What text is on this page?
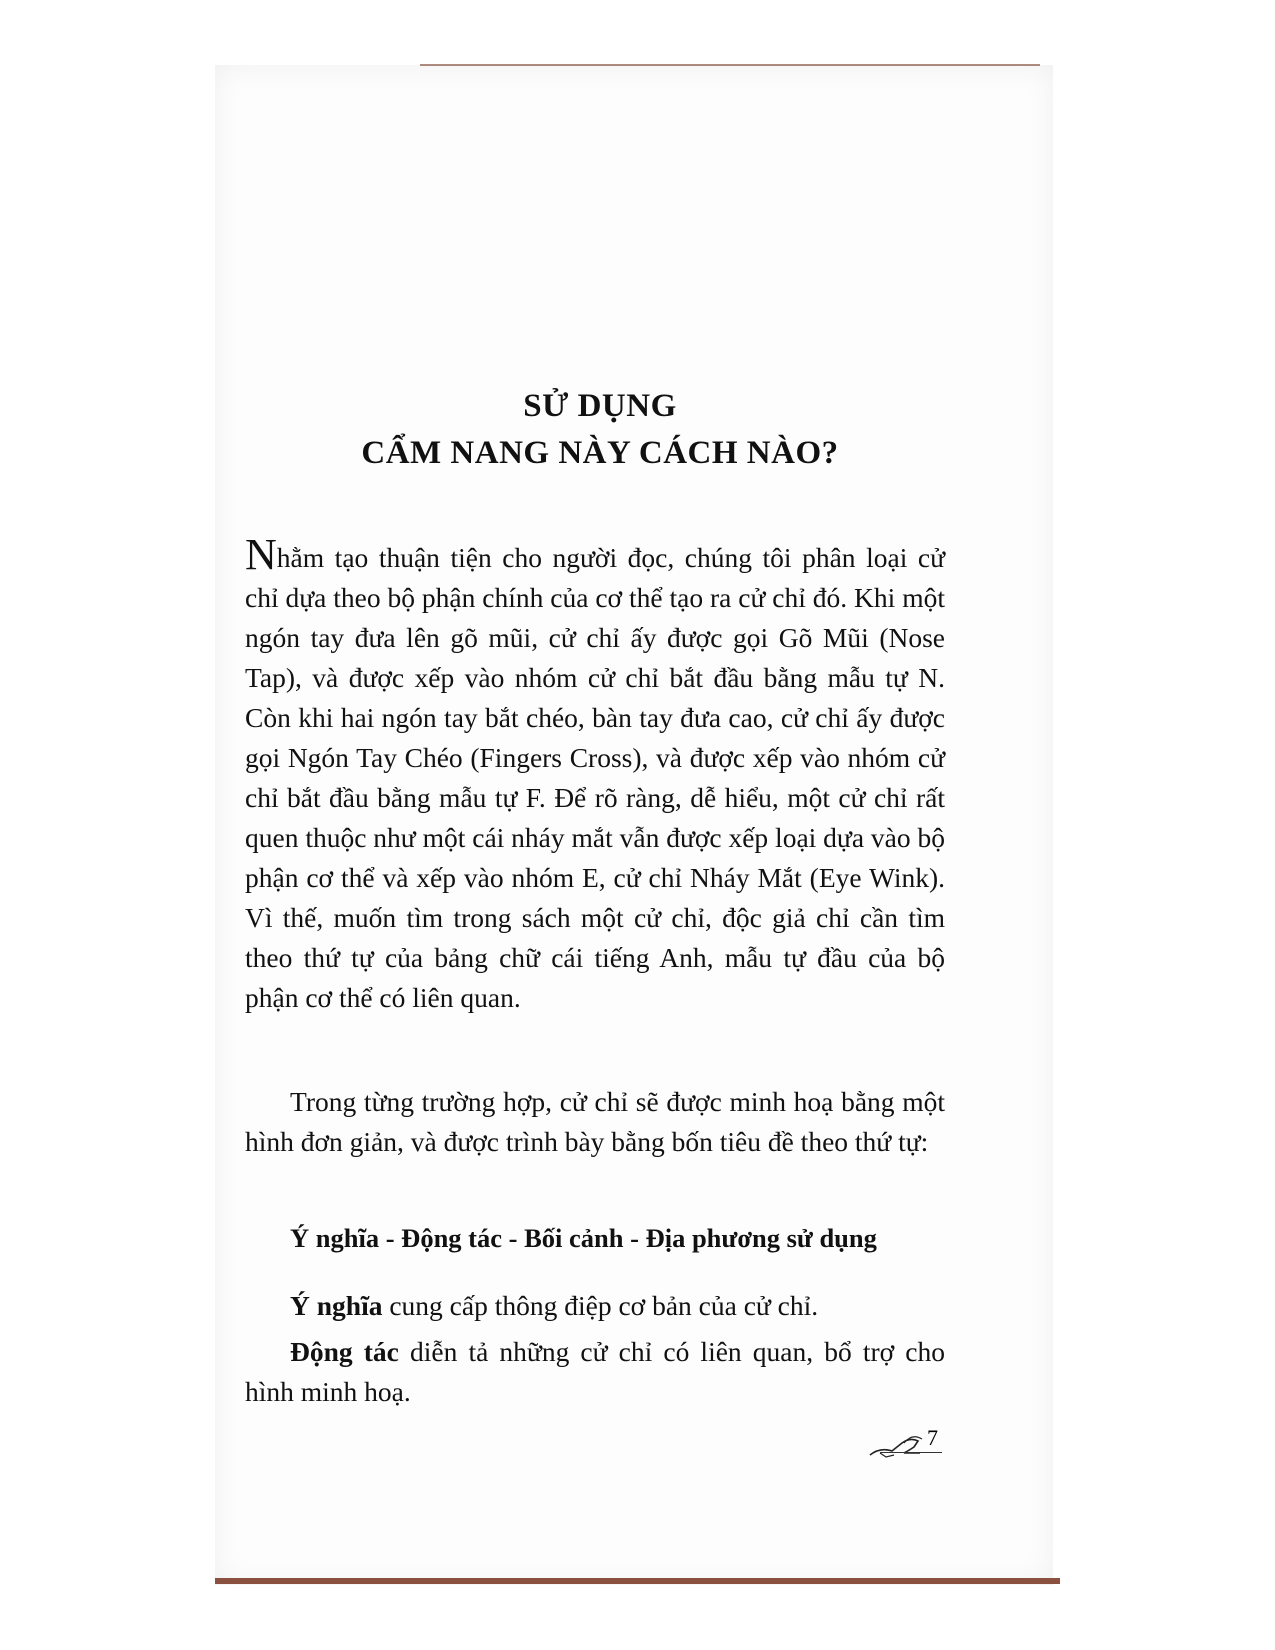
SỬ DỤNG
CẨM NANG NÀY CÁCH NÀO?

Nhằm tạo thuận tiện cho người đọc, chúng tôi phân loại cử chỉ dựa theo bộ phận chính của cơ thể tạo ra cử chỉ đó. Khi một ngón tay đưa lên gõ mũi, cử chỉ ấy được gọi Gõ Mũi (Nose Tap), và được xếp vào nhóm cử chỉ bắt đầu bằng mẫu tự N. Còn khi hai ngón tay bắt chéo, bàn tay đưa cao, cử chỉ ấy được gọi Ngón Tay Chéo (Fingers Cross), và được xếp vào nhóm cử chỉ bắt đầu bằng mẫu tự F. Để rõ ràng, dễ hiểu, một cử chỉ rất quen thuộc như một cái nháy mắt vẫn được xếp loại dựa vào bộ phận cơ thể và xếp vào nhóm E, cử chỉ Nháy Mắt (Eye Wink). Vì thế, muốn tìm trong sách một cử chỉ, độc giả chỉ cần tìm theo thứ tự của bảng chữ cái tiếng Anh, mẫu tự đầu của bộ phận cơ thể có liên quan.

Trong từng trường hợp, cử chỉ sẽ được minh hoạ bằng một hình đơn giản, và được trình bày bằng bốn tiêu đề theo thứ tự:

Ý nghĩa - Động tác - Bối cảnh - Địa phương sử dụng
Ý nghĩa cung cấp thông điệp cơ bản của cử chỉ.

Động tác diễn tả những cử chỉ có liên quan, bổ trợ cho hình minh hoạ.

7
